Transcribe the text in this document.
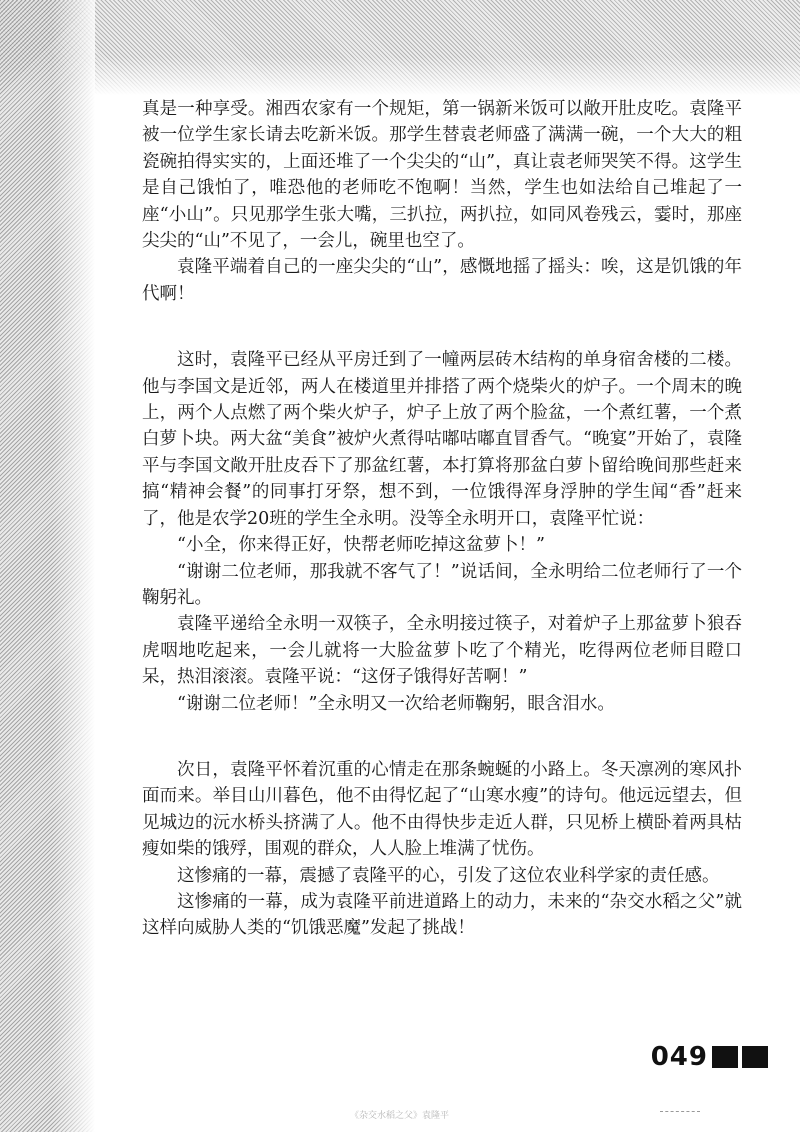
真是一种享受。湘西农家有一个规矩，第一锅新米饭可以敞开肚皮吃。袁隆平被一位学生家长请去吃新米饭。那学生替袁老师盛了满满一碗，一个大大的粗瓷碗拍得实实的，上面还堆了一个尖尖的“山”，真让袁老师哭笑不得。这学生是自己饿怕了，唯恐他的老师吃不饱啊！当然，学生也如法给自己堆起了一座“小山”。只见那学生张大嘴，三扒拉，两扒拉，如同风卷残云，霎时，那座尖尖的“山”不见了，一会儿，碗里也空了。

袁隆平端着自己的一座尖尖的“山”，感慨地摇了摇头：唉，这是饥饿的年代啊！

这时，袁隆平已经从平房迁到了一幢两层砖木结构的单身宿舍楼的二楼。他与李国文是近邻，两人在楼道里并排搭了两个烧柴火的炉子。一个周末的晚上，两个人点燃了两个柴火炉子，炉子上放了两个脸盆，一个煮红薯，一个煮白萝卜块。两大盆“美食”被炉火煮得咕嘟咕嘟直冒香气。“晚宴”开始了，袁隆平与李国文敞开肚皮吞下了那盆红薯，本打算将那盆白萝卜留给晚间那些赶来搞“精神会餐”的同事打牙祭，想不到，一位饿得浑身浮肿的学生闻“香”赶来了，他是农学20班的学生全永明。没等全永明开口，袁隆平忙说：

“小全，你来得正好，快帮老师吃掉这盆萝卜！”

“谢谢二位老师，那我就不客气了！”说话间，全永明给二位老师行了一个鞠躬礼。

袁隆平递给全永明一双筷子，全永明接过筷子，对着炉子上那盆萝卜狼吞虎咽地吃起来，一会儿就将一大脸盆萝卜吃了个精光，吃得两位老师目瞪口呆，热泪滚滚。袁隆平说：“这伢子饿得好苦啊！”

“谢谢二位老师！”全永明又一次给老师鞠躬，眼含泪水。

次日，袁隆平怀着沉重的心情走在那条蜿蜒的小路上。冬天凛冽的寒风扑面而来。举目山川暮色，他不由得忆起了“山寒水瘦”的诗句。他远远望去，但见城边的沅水桥头挤满了人。他不由得快步走近人群，只见桥上横卧着两具枯瘦如柴的饿殍，围观的群众，人人脸上堆满了忧伤。

这惨痛的一幕，震撼了袁隆平的心，引发了这位农业科学家的责任感。

这惨痛的一幕，成为袁隆平前进道路上的动力，未来的“杂交水稻之父”就这样向威胁人类的“饥饿恶魔”发起了挑战！

049
《杂交水稻之父》袁隆平
